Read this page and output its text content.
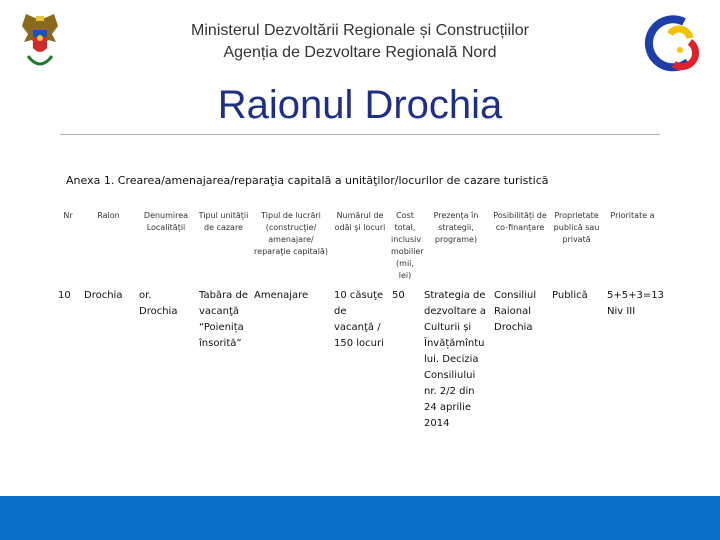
Ministerul Dezvoltării Regionale și Construcțiilor
Agenția de Dezvoltare Regională Nord
Raionul Drochia
Anexa 1. Crearea/amenajarea/reparaţia capitală a unităţilor/locurilor de cazare turistică
Nr	Raion	Denumirea Localității	Tipul unităţii de cazare	Tipul de lucrări (construcţie/ amenajare/ reparaţie capitală)	Numărul de odăi şi locuri	Cost total, inclusiv mobilier (mii, lei)	Prezenţa în strategii, programe)	Posibilități de co-finanțare	Proprietate publică sau privată	Prioritate a
10	Drochia	or. Drochia	Tabăra de vacanţă “Poienița însorită”	Amenajare	10 căsuţe de vacanţă / 150 locuri	50	Strategia de dezvoltare a Culturii și Învățămîntu lui. Decizia Consiliului nr. 2/2 din 24 aprilie 2014	Consiliul Raional Drochia	Publică	5+5+3=13 Niv III
